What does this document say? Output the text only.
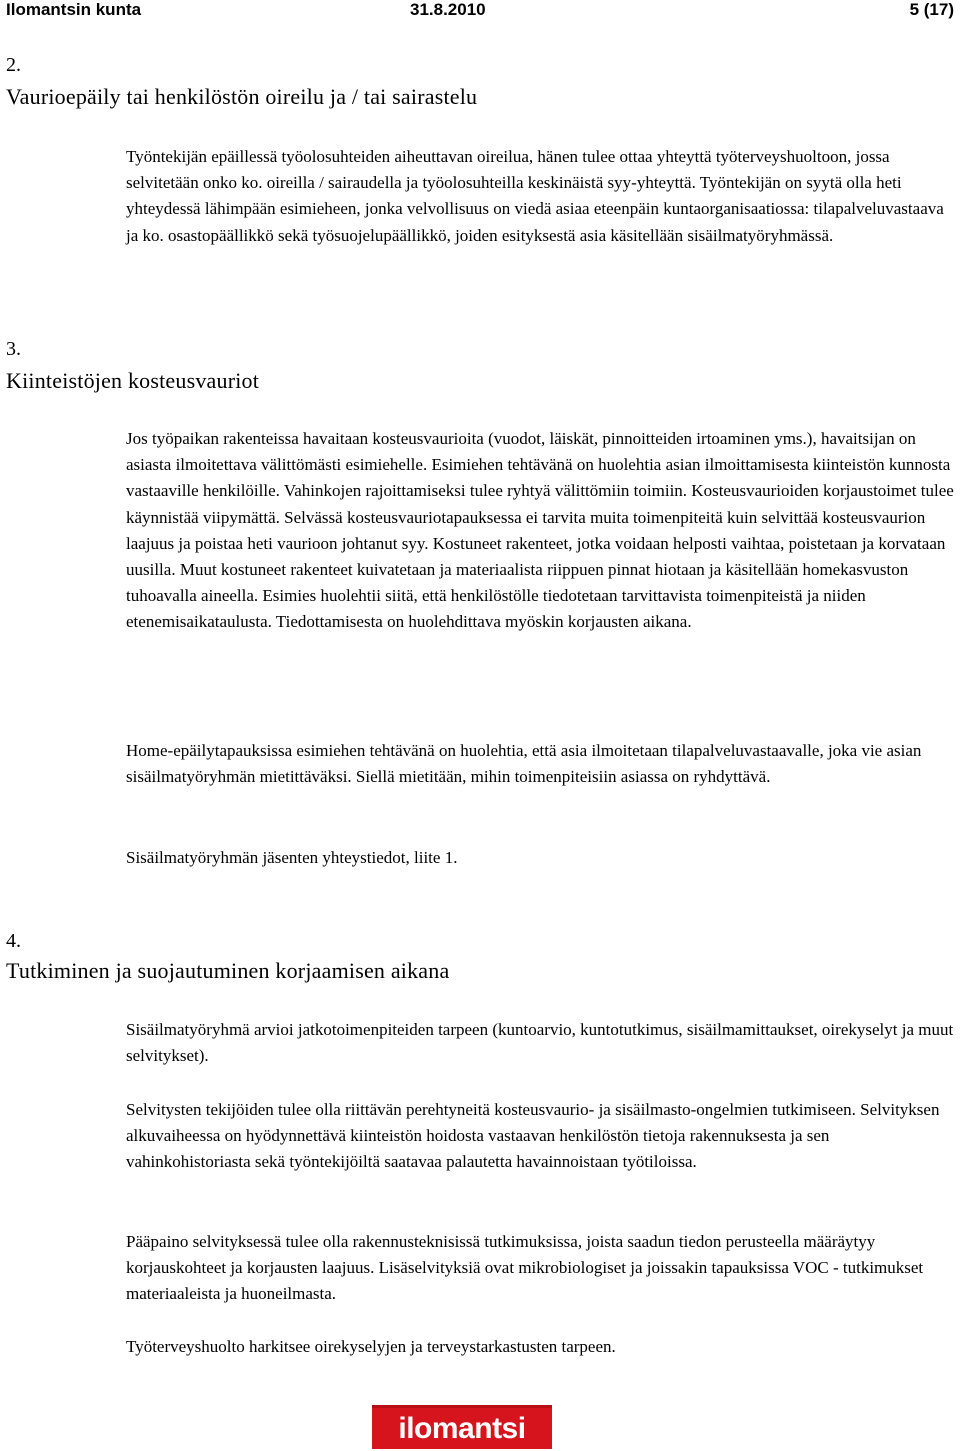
Ilomantsin kunta	31.8.2010	5 (17)
2.
Vaurioepäily tai henkilöstön oireilu ja / tai sairastelu

Työntekijän epäillessä työolosuhteiden aiheuttavan oireilua, hänen tulee ottaa yhteyttä työterveyshuoltoon, jossa selvitetään onko ko. oireilla / sairaudella ja työolosuhteilla keskinäistä syy-yhteyttä. Työntekijän on syytä olla heti yhteydessä lähimpään esimieheen, jonka velvollisuus on viedä asiaa eteenpäin kuntaorganisaatiossa: tilapalveluvastaava ja ko. osastopäällikkö sekä työsuojelupäällikkö, joiden esityksestä asia käsitellään sisäilmatyöryhmässä.

3.
Kiinteistöjen kosteusvauriot

Jos työpaikan rakenteissa havaitaan kosteusvaurioita (vuodot, läiskät, pinnoitteiden irtoaminen yms.), havaitsijan on asiasta ilmoitettava välittömästi esimiehelle. Esimiehen tehtävänä on huolehtia asian ilmoittamisesta kiinteistön kunnosta vastaaville henkilöille. Vahinkojen rajoittamiseksi tulee ryhtyä välittömiin toimiin. Kosteusvaurioiden korjaustoimet tulee käynnistää viipymättä. Selvässä kosteusvauriotapauksessa ei tarvita muita toimenpiteitä kuin selvittää kosteusvaurion laajuus ja poistaa heti vaurioon johtanut syy. Kostuneet rakenteet, jotka voidaan helposti vaihtaa, poistetaan ja korvataan uusilla. Muut kostuneet rakenteet kuivatetaan ja materiaalista riippuen pinnat hiotaan ja käsitellään homekasvuston tuhoavalla aineella. Esimies huolehtii siitä, että henkilöstölle tiedotetaan tarvittavista toimenpiteistä ja niiden etenemisaikataulusta. Tiedottamisesta on huolehdittava myöskin korjausten aikana.

Home-epäilytapauksissa esimiehen tehtävänä on huolehtia, että asia ilmoitetaan tilapalveluvastaavalle, joka vie asian sisäilmatyöryhmän mietittäväksi. Siellä mietitään, mihin toimenpiteisiin asiassa on ryhdyttävä.

Sisäilmatyöryhmän jäsenten yhteystiedot, liite 1.

4.
Tutkiminen ja suojautuminen korjaamisen aikana

Sisäilmatyöryhmä arvioi jatkotoimenpiteiden tarpeen (kuntoarvio, kuntotutkimus, sisäilmamittaukset, oirekyselyt ja muut selvitykset).

Selvitysten tekijöiden tulee olla riittävän perehtyneitä kosteusvaurio- ja sisäilmasto-ongelmien tutkimiseen. Selvityksen alkuvaiheessa on hyödynnettävä kiinteistön hoidosta vastaavan henkilöstön tietoja rakennuksesta ja sen vahinkohistoriasta sekä työntekijöiltä saatavaa palautetta havainnoistaan työtiloissa.

Pääpaino selvityksessä tulee olla rakennusteknisissä tutkimuksissa, joista saadun tiedon perusteella määräytyy korjauskohteet ja korjausten laajuus. Lisäselvityksiä ovat mikrobiologiset ja joissakin tapauksissa VOC - tutkimukset materiaaleista ja huoneilmasta.

Työterveyshuolto harkitsee oirekyselyjen ja terveystarkastusten tarpeen.

ilomantsi
